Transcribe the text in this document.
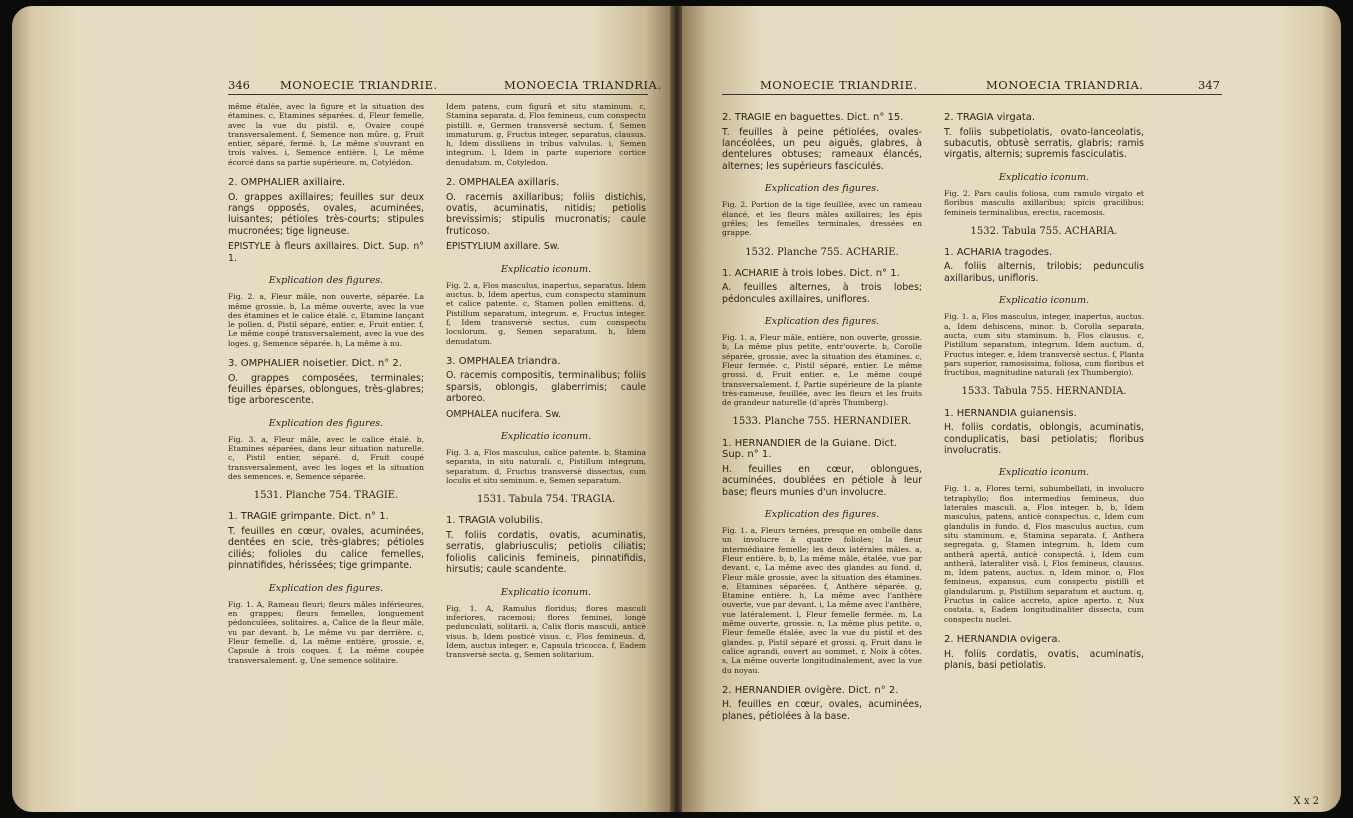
346	MONOECIE TRIANDRIE.	MONOECIA TRIANDRIA.

même étalée, avec la figure et la situation des étamines. c, Etamines séparées. d, Fleur femelle, avec la vue du pistil. e, Ovaire coupé transversalement. f, Semence non mûre. g, Fruit entier, séparé, fermé. h, Le même s'ouvrant en trois valves. i, Semence entière. l, Le même écorcé dans sa partie supérieure. m, Cotylédon.

2. OMPHALIER axillaire.

O. grappes axillaires; feuilles sur deux rangs opposés, ovales, acuminées, luisantes; pétioles très-courts; stipules mucronées; tige ligneuse.

EPISTYLE à fleurs axillaires. Dict. Sup. n° 1.

Explication des figures.

Fig. 2. a, Fleur mâle, non ouverte, séparée. La même grossie. b, La même ouverte, avec la vue des étamines et le calice étalé. c, Etamine lançant le pollen. d, Pistil séparé, entier. e, Fruit entier. f, Le même coupé transversalement, avec la vue des loges. g, Semence séparée. h, La même à nu.

3. OMPHALIER noisetier. Dict. n° 2.

O. grappes composées, terminales; feuilles éparses, oblongues, très-glabres; tige arborescente.

Explication des figures.

Fig. 3. a, Fleur mâle, avec le calice étalé. b, Etamines séparées, dans leur situation naturelle. c, Pistil entier, séparé. d, Fruit coupé transversalement, avec les loges et la situation des semences. e, Semence séparée.

1531. Planche 754. TRAGIE.

1. TRAGIE grimpante. Dict. n° 1.

T. feuilles en cœur, ovales, acuminées, dentées en scie, très-glabres; pétioles ciliés; folioles du calice femelles, pinnatifides, hérissées; tige grimpante.

Explication des figures.

Fig. 1. A, Rameau fleuri; fleurs mâles inférieures, en grappes; fleurs femelles, longuement pédonculées, solitaires. a, Calice de la fleur mâle, vu par devant. b, Le même vu par derrière. c, Fleur femelle. d, La même entière, grossie. e, Capsule à trois coques. f, La même coupée transversalement. g, Une semence solitaire.

Idem patens, cum figurâ et situ staminum. c, Stamina separata. d, Flos femineus, cum conspectu pistilli. e, Germen transversè sectum. f, Semen immaturum. g, Fructus integer, separatus, clausus. h, Idem dissiliens in tribus valvulas. i, Semen integrum. l, Idem in parte superiore cortice denudatum. m, Cotyledon.

2. OMPHALEA axillaris.

O. racemis axillaribus; foliis distichis, ovatis, acuminatis, nitidis; petiolis brevissimis; stipulis mucronatis; caule fruticoso.

EPISTYLIUM axillare. Sw.

Explicatio iconum.

Fig. 2. a, Flos masculus, inapertus, separatus. Idem auctus. b, Idem apertus, cum conspectu staminum et calice patente. c, Stamen pollen emittens. d, Pistillum separatum, integrum. e, Fructus integer. f, Idem transversè sectus, cum conspectu loculorum. g, Semen separatum. h, Idem denudatum.

3. OMPHALEA triandra.

O. racemis compositis, terminalibus; foliis sparsis, oblongis, glaberrimis; caule arboreo.

OMPHALEA nucifera. Sw.

Explicatio iconum.

Fig. 3. a, Flos masculus, calice patente. b, Stamina separata, in situ naturali. c, Pistillum integrum, separatum. d, Fructus transversè dissectus, cum loculis et situ seminum. e, Semen separatum.

1531. Tabula 754. TRAGIA.

1. TRAGIA volubilis.

T. foliis cordatis, ovatis, acuminatis, serratis, glabriusculis; petiolis ciliatis; foliolis calicinis femineis, pinnatifidis, hirsutis; caule scandente.

Explicatio iconum.

Fig. 1. A, Ramulus floridus; flores masculi inferiores, racemosi; flores feminei, longè pedunculati, solitarii. a, Calix floris masculi, anticè visus. b, Idem posticè visus. c, Flos femineus. d, Idem, auctus integer. e, Capsula tricocca. f, Eadem transversè secta. g, Semen solitarium.

MONOECIE TRIANDRIE.	MONOECIA TRIANDRIA.	347

2. TRAGIE en baguettes. Dict. n° 15.

T. feuilles à peine pétiolées, ovales-lancéolées, un peu aiguës, glabres, à dentelures obtuses; rameaux élancés, alternes; les supérieurs fasciculés.

Explication des figures.

Fig. 2. Portion de la tige feuillée, avec un rameau élancé, et les fleurs mâles axillaires; les épis grêles; les femelles terminales, dressées en grappe.

1532. Planche 755. ACHARIE.

1. ACHARIE à trois lobes. Dict. n° 1.

A. feuilles alternes, à trois lobes; pédoncules axillaires, uniflores.

Explication des figures.

Fig. 1. a, Fleur mâle, entière, non ouverte, grossie. b, La même plus petite, entr'ouverte. b, Corolle séparée, grossie, avec la situation des étamines. c, Fleur fermée. c, Pistil séparé, entier. Le même grossi. d, Fruit entier. e, Le même coupé transversalement. f, Partie supérieure de la plante très-rameuse, feuillée, avec les fleurs et les fruits de grandeur naturelle (d'après Thumberg).

1533. Planche 755. HERNANDIER.

1. HERNANDIER de la Guiane. Dict. Sup. n° 1.

H. feuilles en cœur, oblongues, acuminées, doublées en pétiole à leur base; fleurs munies d'un involucre.

Explication des figures.

Fig. 1. a, Fleurs ternées, presque en ombelle dans un involucre à quatre folioles; la fleur intermédiaire femelle; les deux latérales mâles. a, Fleur entière. b, b, La même mâle, étalée, vue par devant. c, La même avec des glandes au fond. d, Fleur mâle grossie, avec la situation des étamines. e, Etamines séparées. f, Anthère séparée. g, Etamine entière. h, La même avec l'anthère ouverte, vue par devant. i, La même avec l'anthère, vue latéralement. l, Fleur femelle fermée. m, La même ouverte, grossie. n, La même plus petite. o, Fleur femelle étalée, avec la vue du pistil et des glandes. p, Pistil séparé et grossi. q, Fruit dans le calice agrandi, ouvert au sommet. r, Noix à côtes. s, La même ouverte longitudinalement, avec la vue du noyau.

2. HERNANDIER ovigère. Dict. n° 2.

H. feuilles en cœur, ovales, acuminées, planes, pétiolées à la base.

2. TRAGIA virgata.

T. foliis subpetiolatis, ovato-lanceolatis, subacutis, obtusè serratis, glabris; ramis virgatis, alternis; supremis fasciculatis.

Explicatio iconum.

Fig. 2. Pars caulis foliosa, cum ramulo virgato et floribus masculis axillaribus; spicis gracilibus; femineis terminalibus, erectis, racemosis.

1532. Tabula 755. ACHARIA.

1. ACHARIA tragodes.

A. foliis alternis, trilobis; pedunculis axillaribus, unifloris.

Explicatio iconum.

Fig. 1. a, Flos masculus, integer, inapertus, auctus. a, Idem dehiscens, minor. b, Corolla separata, aucta, cum situ staminum. b, Flos clausus. c, Pistillum separatum, integrum. Idem auctum. d, Fructus integer. e, Idem transversè sectus. f, Planta pars superior, ramosissima, foliosa, cum floribus et fructibus, magnitudine naturali (ex Thumbergio).

1533. Tabula 755. HERNANDIA.

1. HERNANDIA guianensis.

H. foliis cordatis, oblongis, acuminatis, conduplicatis, basi petiolatis; floribus involucratis.

Explicatio iconum.

Fig. 1. a, Flores terni, subumbellati, in involucro tetraphyllo; flos intermedius femineus, duo laterales masculi. a, Flos integer. b, b, Idem masculus, patens, anticè conspectus. c, Idem cum glandulis in fundo. d, Flos masculus auctus, cum situ staminum. e, Stamina separata. f, Anthera segregata. g, Stamen integrum. h, Idem cum antherâ apertâ, anticè conspectâ. i, Idem cum antherâ, lateraliter visâ. l, Flos femineus, clausus. m, Idem patens, auctus. n, Idem minor. o, Flos femineus, expansus, cum conspectu pistilli et glandularum. p, Pistillum separatum et auctum. q, Fructus in calice accreto, apice aperto. r, Nux costata. s, Eadem longitudinaliter dissecta, cum conspectu nuclei.

2. HERNANDIA ovigera.

H. foliis cordatis, ovatis, acuminatis, planis, basi petiolatis.

X x 2
